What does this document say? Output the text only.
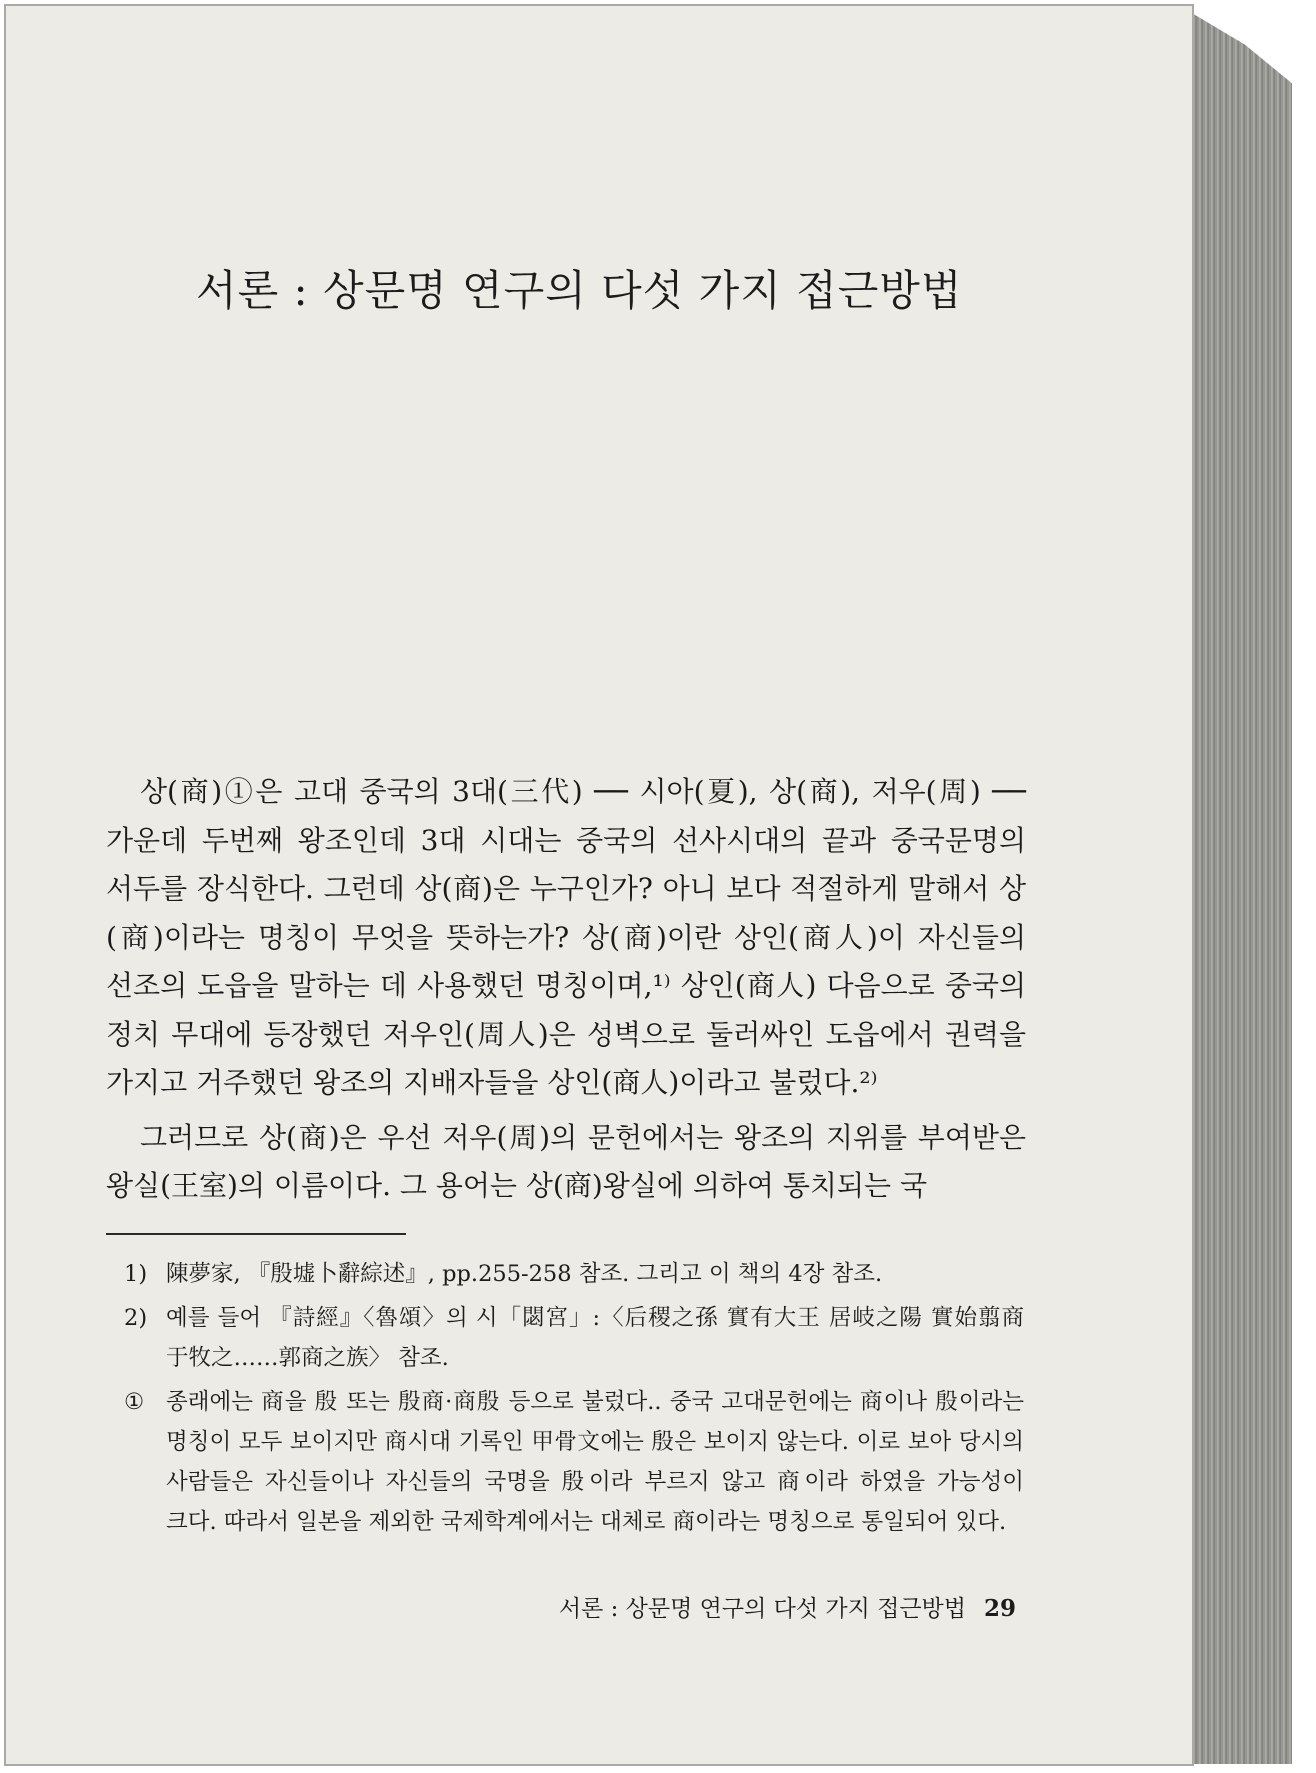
서론 : 상문명 연구의 다섯 가지 접근방법

상(商)①은 고대 중국의 3대(三代) ── 시아(夏), 상(商), 저우(周) ── 가운데 두번째 왕조인데 3대 시대는 중국의 선사시대의 끝과 중국문명의 서두를 장식한다. 그런데 상(商)은 누구인가? 아니 보다 적절하게 말해서 상(商)이라는 명칭이 무엇을 뜻하는가? 상(商)이란 상인(商人)이 자신들의 선조의 도읍을 말하는 데 사용했던 명칭이며,¹⁾ 상인(商人) 다음으로 중국의 정치 무대에 등장했던 저우인(周人)은 성벽으로 둘러싸인 도읍에서 권력을 가지고 거주했던 왕조의 지배자들을 상인(商人)이라고 불렀다.²⁾

그러므로 상(商)은 우선 저우(周)의 문헌에서는 왕조의 지위를 부여받은 왕실(王室)의 이름이다. 그 용어는 상(商)왕실에 의하여 통치되는 국

1) 陳夢家, 『殷墟卜辭綜述』, pp.255-258 참조. 그리고 이 책의 4장 참조.
2) 예를 들어 『詩經』〈魯頌〉의 시「閟宮」:〈后稷之孫 實有大王 居岐之陽 實始翦商 于牧之……郭商之族〉 참조.
① 종래에는 商을 殷 또는 殷商·商殷 등으로 불렀다.. 중국 고대문헌에는 商이나 殷이라는 명칭이 모두 보이지만 商시대 기록인 甲骨文에는 殷은 보이지 않는다. 이로 보아 당시의 사람들은 자신들이나 자신들의 국명을 殷이라 부르지 않고 商이라 하였을 가능성이 크다. 따라서 일본을 제외한 국제학계에서는 대체로 商이라는 명칭으로 통일되어 있다.
서론 : 상문명 연구의 다섯 가지 접근방법 29
